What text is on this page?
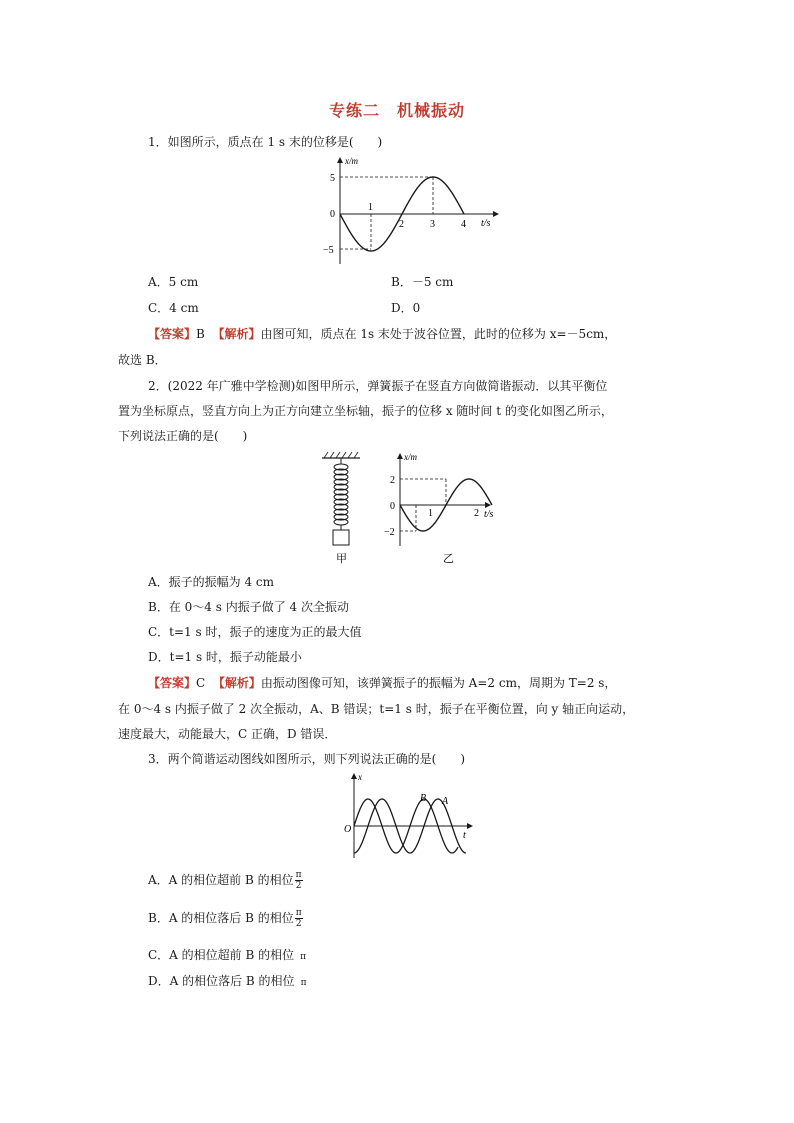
专练二　机械振动
1．如图所示，质点在 1 s 末的位移是(　　)
x/m
t/s
5
0
−5
1
2	3	4
A．5 cm	B．－5 cm
C．4 cm	D．0
【答案】B 【解析】由图可知，质点在 1s 末处于波谷位置，此时的位移为 x=－5cm，
故选 B．
2．(2022 年广雅中学检测)如图甲所示，弹簧振子在竖直方向做简谐振动．以其平衡位
置为坐标原点，竖直方向上为正方向建立坐标轴，振子的位移 x 随时间 t 的变化如图乙所示，
下列说法正确的是(　　)
甲
x/m
t/s
2
0
−2
1	2
乙
A．振子的振幅为 4 cm
B．在 0～4 s 内振子做了 4 次全振动
C．t=1 s 时，振子的速度为正的最大值
D．t=1 s 时，振子动能最小
【答案】C 【解析】由振动图像可知，该弹簧振子的振幅为 A=2 cm，周期为 T=2 s，
在 0～4 s 内振子做了 2 次全振动，A、B 错误；t=1 s 时，振子在平衡位置，向 y 轴正向运动，
速度最大，动能最大，C 正确，D 错误．
3．两个简谐运动图线如图所示，则下列说法正确的是(　　)
x
t
O
B A
A．A 的相位超前 B 的相位 $\frac{\pi}{2}$
B．A 的相位落后 B 的相位 $\frac{\pi}{2}$
C．A 的相位超前 B 的相位 π
D．A 的相位落后 B 的相位 π
